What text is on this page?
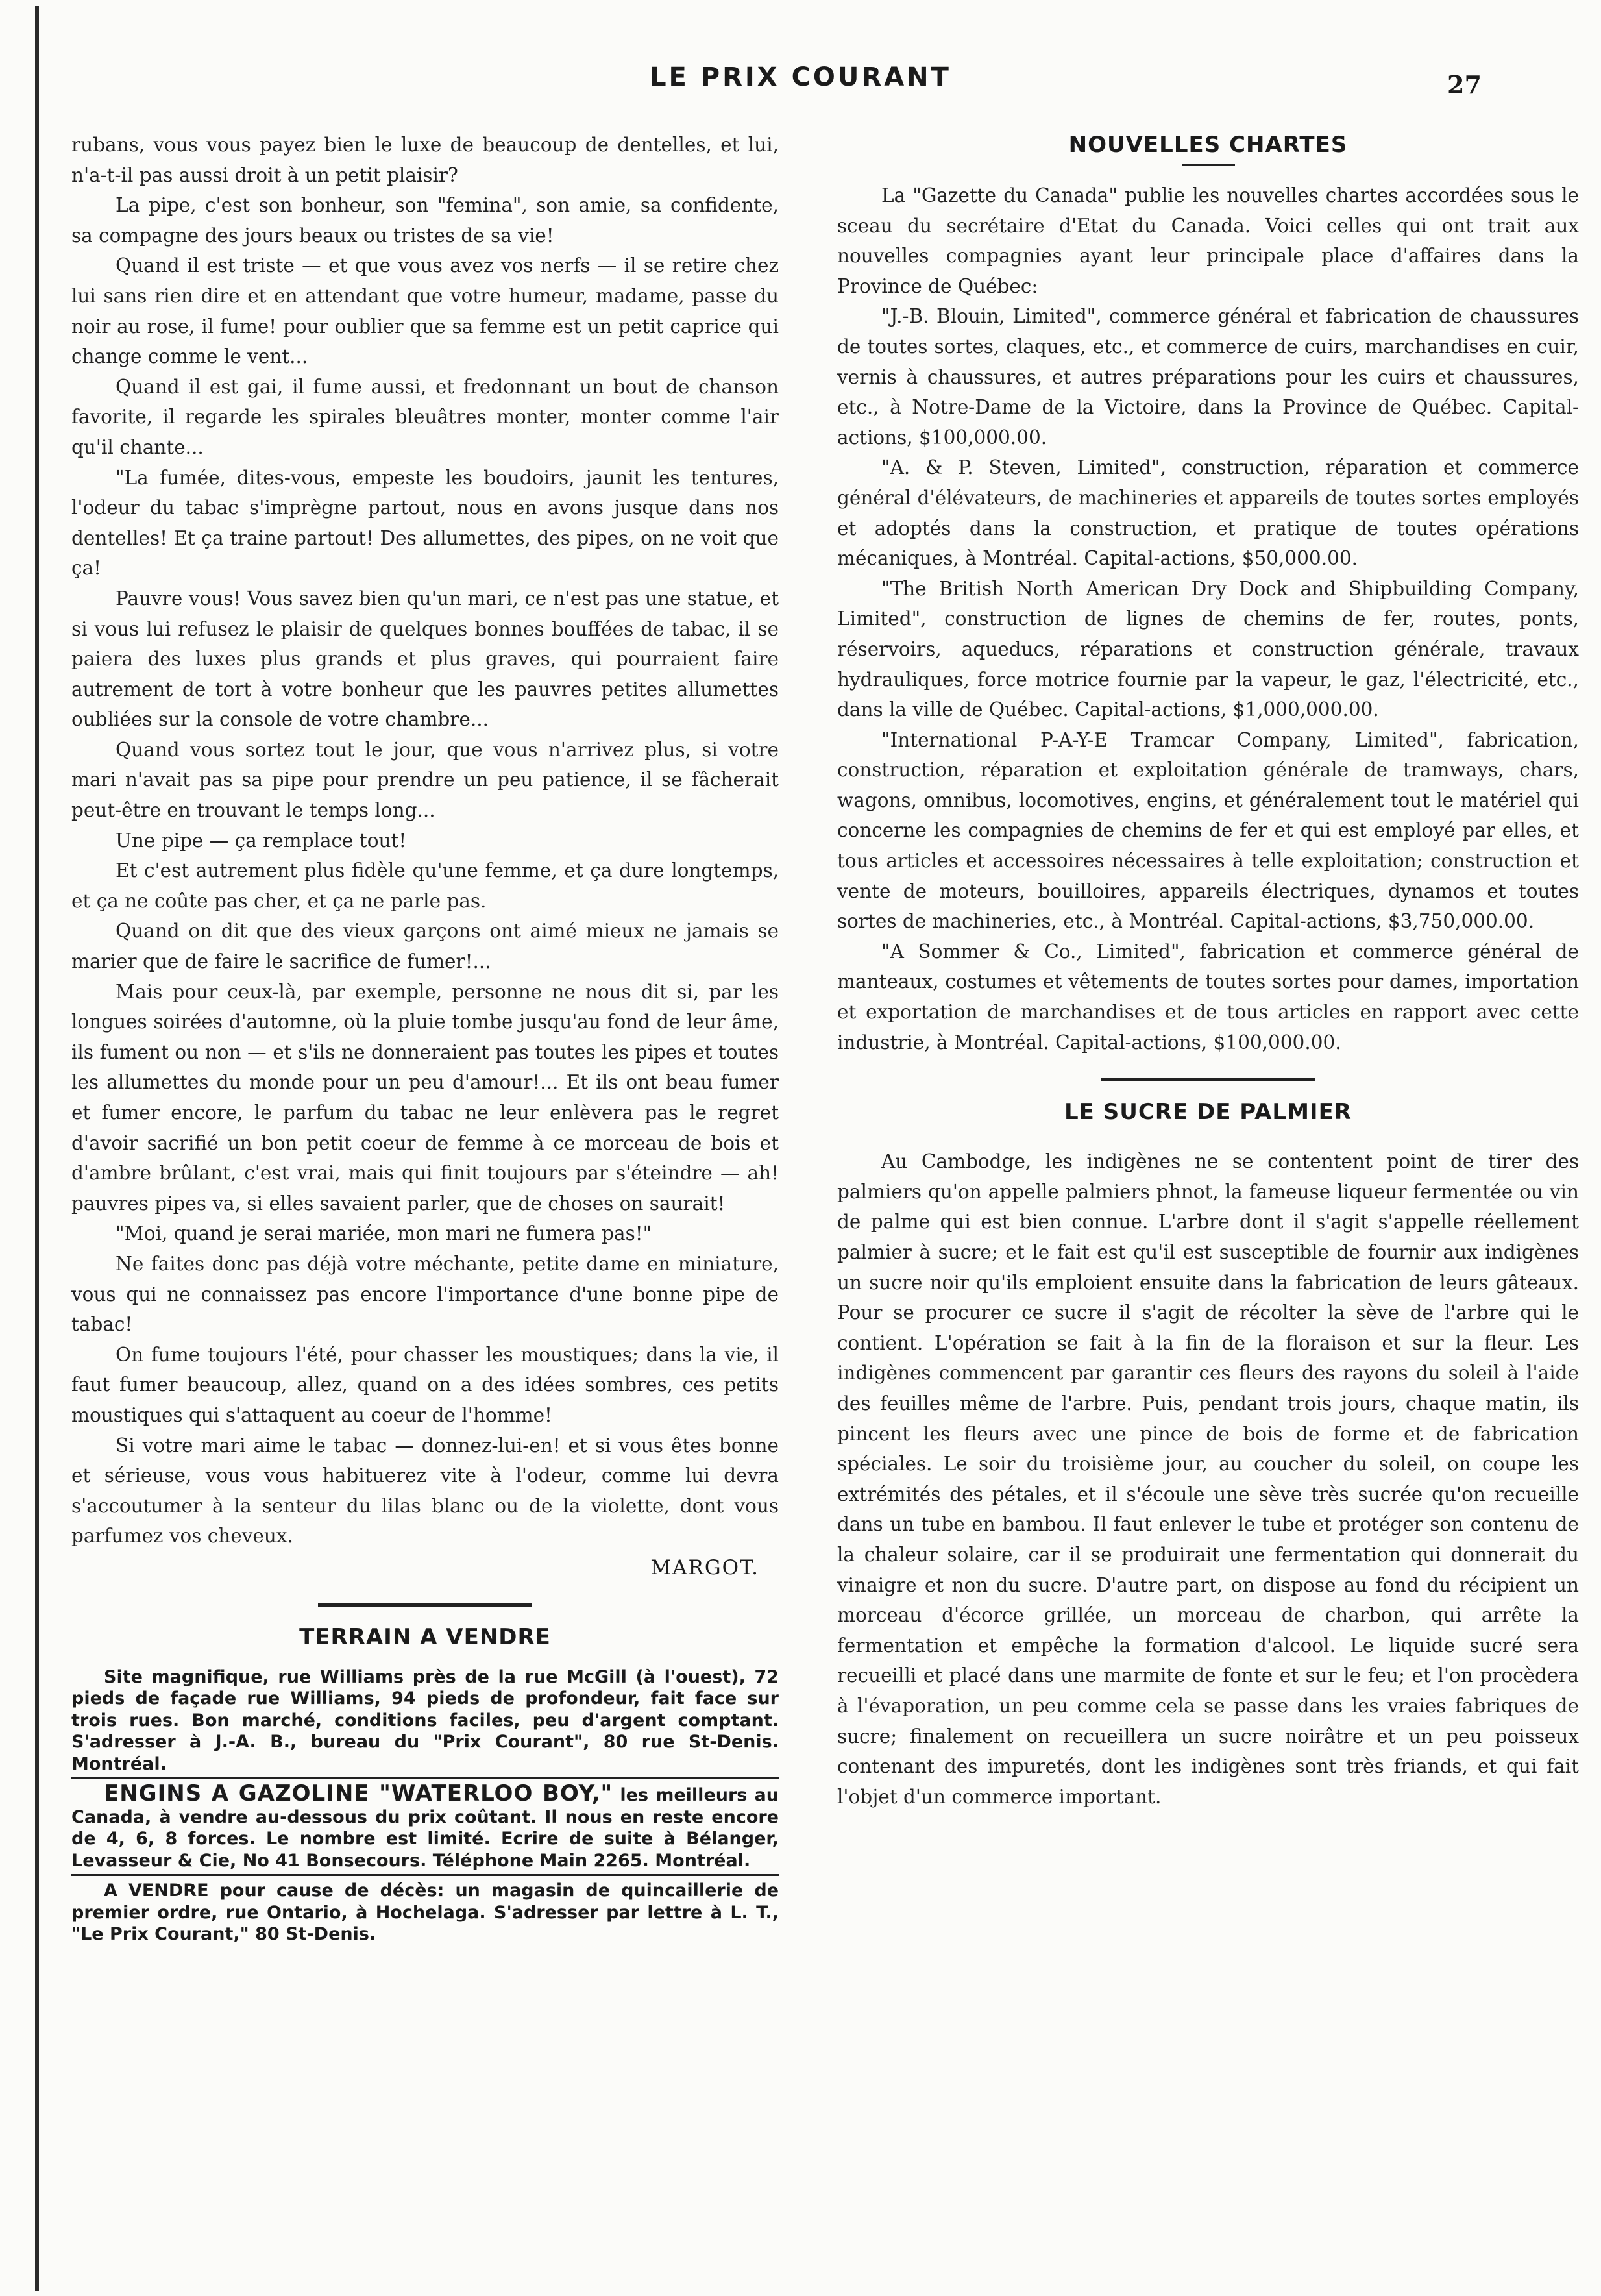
LE PRIX COURANT	27

rubans, vous vous payez bien le luxe de beaucoup de dentelles, et lui, n'a-t-il pas aussi droit à un petit plaisir?

La pipe, c'est son bonheur, son "femina", son amie, sa confidente, sa compagne des jours beaux ou tristes de sa vie!

Quand il est triste — et que vous avez vos nerfs — il se retire chez lui sans rien dire et en attendant que votre humeur, madame, passe du noir au rose, il fume! pour oublier que sa femme est un petit caprice qui change comme le vent...

Quand il est gai, il fume aussi, et fredonnant un bout de chanson favorite, il regarde les spirales bleuâtres monter, monter comme l'air qu'il chante...

"La fumée, dites-vous, empeste les boudoirs, jaunit les tentures, l'odeur du tabac s'imprègne partout, nous en avons jusque dans nos dentelles! Et ça traine partout! Des allumettes, des pipes, on ne voit que ça!

Pauvre vous! Vous savez bien qu'un mari, ce n'est pas une statue, et si vous lui refusez le plaisir de quelques bonnes bouffées de tabac, il se paiera des luxes plus grands et plus graves, qui pourraient faire autrement de tort à votre bonheur que les pauvres petites allumettes oubliées sur la console de votre chambre...

Quand vous sortez tout le jour, que vous n'arrivez plus, si votre mari n'avait pas sa pipe pour prendre un peu patience, il se fâcherait peut-être en trouvant le temps long...

Une pipe — ça remplace tout!

Et c'est autrement plus fidèle qu'une femme, et ça dure longtemps, et ça ne coûte pas cher, et ça ne parle pas.

Quand on dit que des vieux garçons ont aimé mieux ne jamais se marier que de faire le sacrifice de fumer!...

Mais pour ceux-là, par exemple, personne ne nous dit si, par les longues soirées d'automne, où la pluie tombe jusqu'au fond de leur âme, ils fument ou non — et s'ils ne donneraient pas toutes les pipes et toutes les allumettes du monde pour un peu d'amour!... Et ils ont beau fumer et fumer encore, le parfum du tabac ne leur enlèvera pas le regret d'avoir sacrifié un bon petit coeur de femme à ce morceau de bois et d'ambre brûlant, c'est vrai, mais qui finit toujours par s'éteindre — ah! pauvres pipes va, si elles savaient parler, que de choses on saurait!

"Moi, quand je serai mariée, mon mari ne fumera pas!"

Ne faites donc pas déjà votre méchante, petite dame en miniature, vous qui ne connaissez pas encore l'importance d'une bonne pipe de tabac!

On fume toujours l'été, pour chasser les moustiques; dans la vie, il faut fumer beaucoup, allez, quand on a des idées sombres, ces petits moustiques qui s'attaquent au coeur de l'homme!

Si votre mari aime le tabac — donnez-lui-en! et si vous êtes bonne et sérieuse, vous vous habituerez vite à l'odeur, comme lui devra s'accoutumer à la senteur du lilas blanc ou de la violette, dont vous parfumez vos cheveux.

MARGOT.
TERRAIN A VENDRE

Site magnifique, rue Williams près de la rue McGill (à l'ouest), 72 pieds de façade rue Williams, 94 pieds de profondeur, fait face sur trois rues. Bon marché, conditions faciles, peu d'argent comptant. S'adresser à J.-A. B., bureau du "Prix Courant", 80 rue St-Denis. Montréal.

ENGINS A GAZOLINE "WATERLOO BOY," les meilleurs au Canada, à vendre au-dessous du prix coûtant. Il nous en reste encore de 4, 6, 8 forces. Le nombre est limité. Ecrire de suite à Bélanger, Levasseur & Cie, No 41 Bonsecours. Téléphone Main 2265. Montréal.

A VENDRE pour cause de décès: un magasin de quincaillerie de premier ordre, rue Ontario, à Hochelaga. S'adresser par lettre à L. T., "Le Prix Courant," 80 St-Denis.

NOUVELLES CHARTES

La "Gazette du Canada" publie les nouvelles chartes accordées sous le sceau du secrétaire d'Etat du Canada. Voici celles qui ont trait aux nouvelles compagnies ayant leur principale place d'affaires dans la Province de Québec:

"J.-B. Blouin, Limited", commerce général et fabrication de chaussures de toutes sortes, claques, etc., et commerce de cuirs, marchandises en cuir, vernis à chaussures, et autres préparations pour les cuirs et chaussures, etc., à Notre-Dame de la Victoire, dans la Province de Québec. Capital-actions, $100,000.00.

"A. & P. Steven, Limited", construction, réparation et commerce général d'élévateurs, de machineries et appareils de toutes sortes employés et adoptés dans la construction, et pratique de toutes opérations mécaniques, à Montréal. Capital-actions, $50,000.00.

"The British North American Dry Dock and Shipbuilding Company, Limited", construction de lignes de chemins de fer, routes, ponts, réservoirs, aqueducs, réparations et construction générale, travaux hydrauliques, force motrice fournie par la vapeur, le gaz, l'électricité, etc., dans la ville de Québec. Capital-actions, $1,000,000.00.

"International P-A-Y-E Tramcar Company, Limited", fabrication, construction, réparation et exploitation générale de tramways, chars, wagons, omnibus, locomotives, engins, et généralement tout le matériel qui concerne les compagnies de chemins de fer et qui est employé par elles, et tous articles et accessoires nécessaires à telle exploitation; construction et vente de moteurs, bouilloires, appareils électriques, dynamos et toutes sortes de machineries, etc., à Montréal. Capital-actions, $3,750,000.00.

"A Sommer & Co., Limited", fabrication et commerce général de manteaux, costumes et vêtements de toutes sortes pour dames, importation et exportation de marchandises et de tous articles en rapport avec cette industrie, à Montréal. Capital-actions, $100,000.00.

LE SUCRE DE PALMIER

Au Cambodge, les indigènes ne se contentent point de tirer des palmiers qu'on appelle palmiers phnot, la fameuse liqueur fermentée ou vin de palme qui est bien connue. L'arbre dont il s'agit s'appelle réellement palmier à sucre; et le fait est qu'il est susceptible de fournir aux indigènes un sucre noir qu'ils emploient ensuite dans la fabrication de leurs gâteaux. Pour se procurer ce sucre il s'agit de récolter la sève de l'arbre qui le contient. L'opération se fait à la fin de la floraison et sur la fleur. Les indigènes commencent par garantir ces fleurs des rayons du soleil à l'aide des feuilles même de l'arbre. Puis, pendant trois jours, chaque matin, ils pincent les fleurs avec une pince de bois de forme et de fabrication spéciales. Le soir du troisième jour, au coucher du soleil, on coupe les extrémités des pétales, et il s'écoule une sève très sucrée qu'on recueille dans un tube en bambou. Il faut enlever le tube et protéger son contenu de la chaleur solaire, car il se produirait une fermentation qui donnerait du vinaigre et non du sucre. D'autre part, on dispose au fond du récipient un morceau d'écorce grillée, un morceau de charbon, qui arrête la fermentation et empêche la formation d'alcool. Le liquide sucré sera recueilli et placé dans une marmite de fonte et sur le feu; et l'on procèdera à l'évaporation, un peu comme cela se passe dans les vraies fabriques de sucre; finalement on recueillera un sucre noirâtre et un peu poisseux contenant des impuretés, dont les indigènes sont très friands, et qui fait l'objet d'un commerce important.
